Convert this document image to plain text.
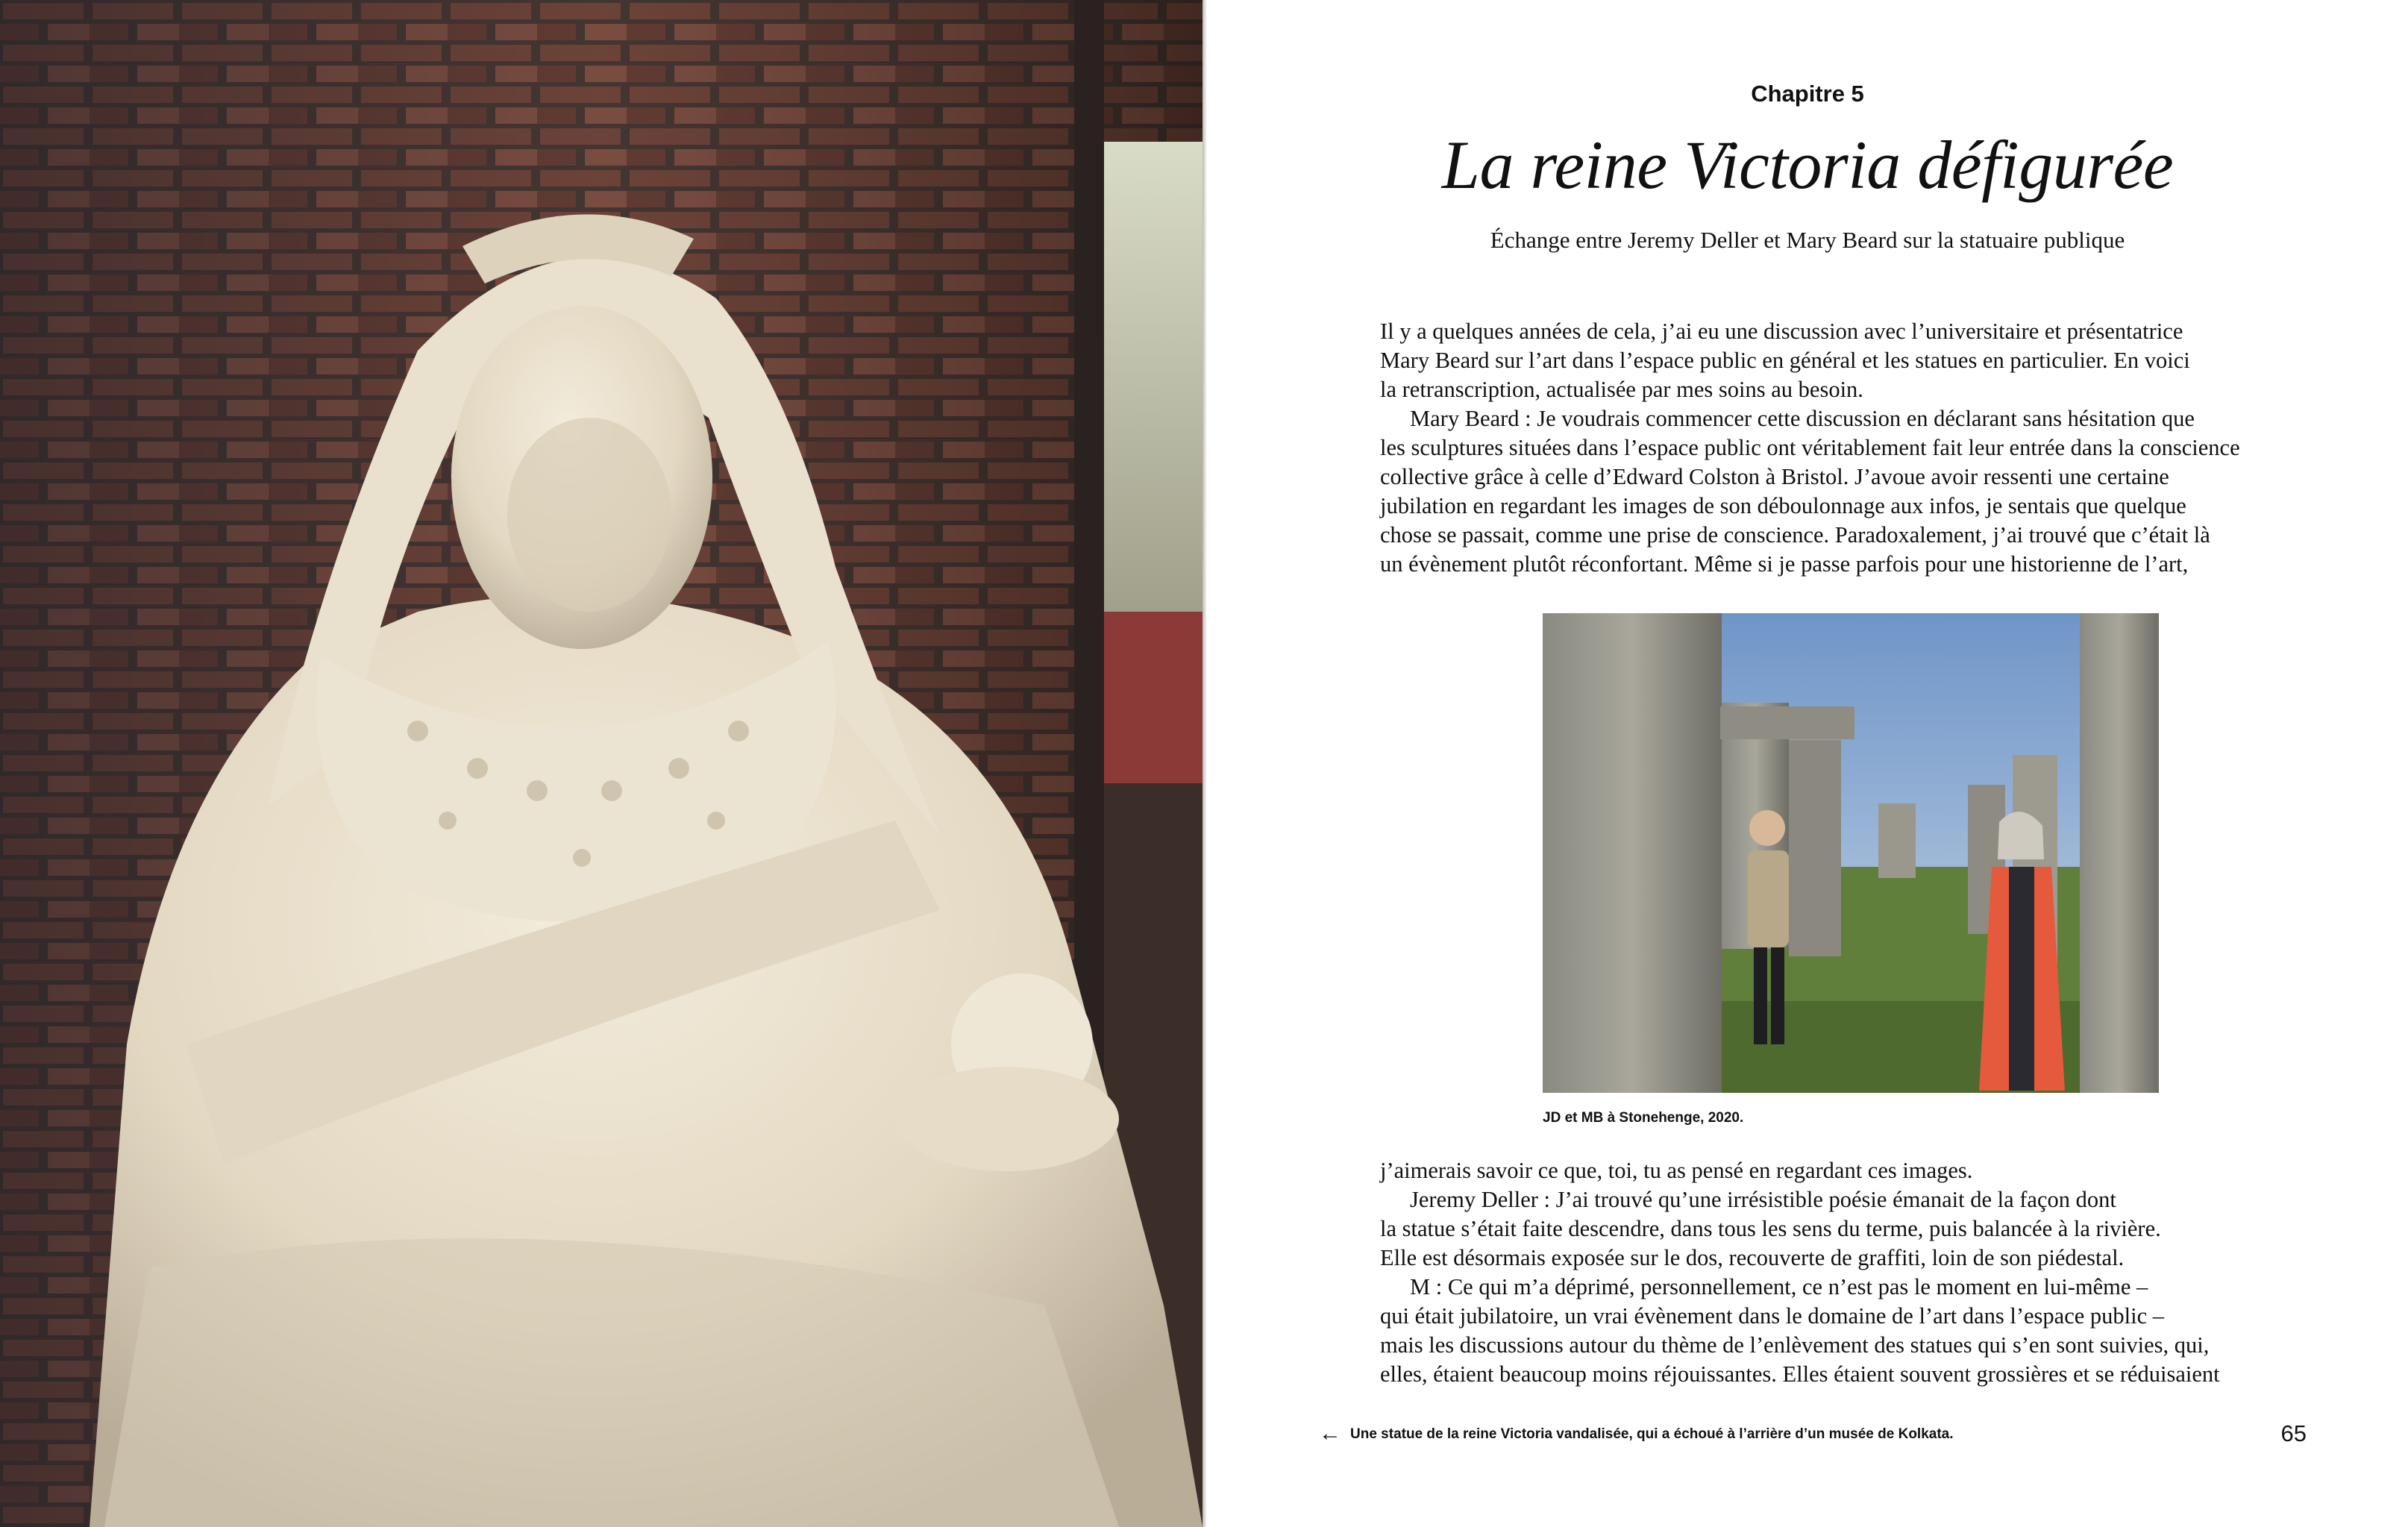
Chapitre 5

La reine Victoria défigurée

Échange entre Jeremy Deller et Mary Beard sur la statuaire publique

Il y a quelques années de cela, j’ai eu une discussion avec l’universitaire et présentatrice
Mary Beard sur l’art dans l’espace public en général et les statues en particulier. En voici
la retranscription, actualisée par mes soins au besoin.
Mary Beard : Je voudrais commencer cette discussion en déclarant sans hésitation que
les sculptures situées dans l’espace public ont véritablement fait leur entrée dans la conscience
collective grâce à celle d’Edward Colston à Bristol. J’avoue avoir ressenti une certaine
jubilation en regardant les images de son déboulonnage aux infos, je sentais que quelque
chose se passait, comme une prise de conscience. Paradoxalement, j’ai trouvé que c’était là
un évènement plutôt réconfortant. Même si je passe parfois pour une historienne de l’art,

JD et MB à Stonehenge, 2020.

j’aimerais savoir ce que, toi, tu as pensé en regardant ces images.
Jeremy Deller : J’ai trouvé qu’une irrésistible poésie émanait de la façon dont
la statue s’était faite descendre, dans tous les sens du terme, puis balancée à la rivière.
Elle est désormais exposée sur le dos, recouverte de graffiti, loin de son piédestal.
M : Ce qui m’a déprimé, personnellement, ce n’est pas le moment en lui-même –
qui était jubilatoire, un vrai évènement dans le domaine de l’art dans l’espace public –
mais les discussions autour du thème de l’enlèvement des statues qui s’en sont suivies, qui,
elles, étaient beaucoup moins réjouissantes. Elles étaient souvent grossières et se réduisaient
← Une statue de la reine Victoria vandalisée, qui a échoué à l’arrière d’un musée de Kolkata.	65
